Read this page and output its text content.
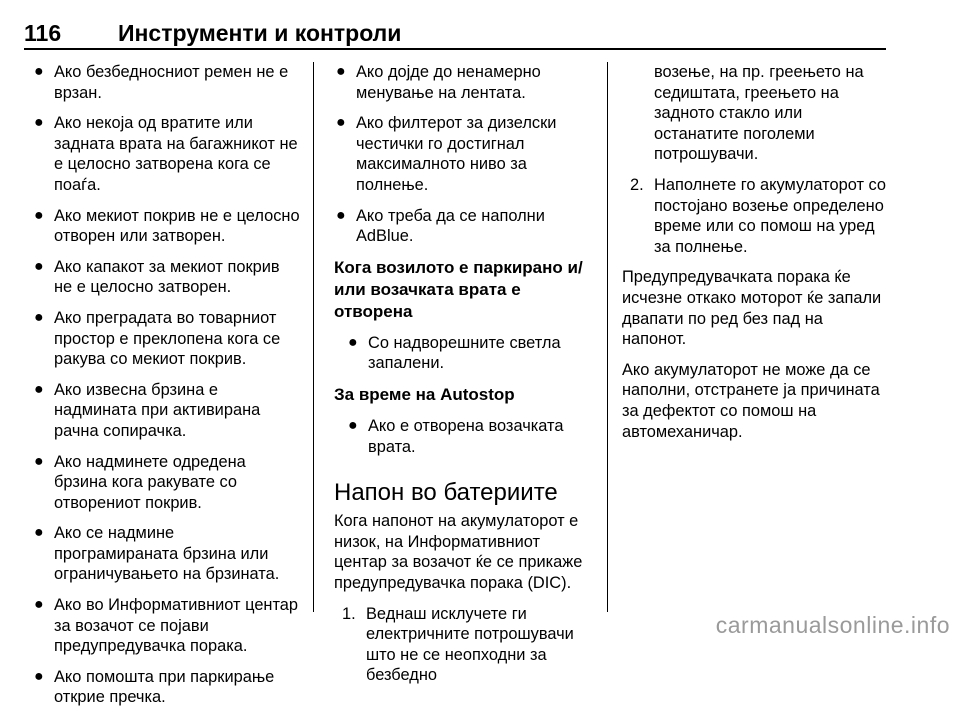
116 Инструменти и контроли
● Ако безбедносниот ремен не е врзан.
● Ако некоја од вратите или задната врата на багажникот не е целосно затворена кога се поаѓа.
● Ако мекиот покрив не е целосно отворен или затворен.
● Ако капакот за мекиот покрив не е целосно затворен.
● Ако преградата во товарниот простор е преклопена кога се ракува со мекиот покрив.
● Ако извесна брзина е надминатa при активирана рачна сопирачка.
● Ако надминете одредена брзина кога ракувате со отворениот покрив.
● Ако се надмине програмираната брзина или ограничувањето на брзината.
● Ако во Информативниот центар за возачот се појави предупредувачка порака.
● Ако помошта при паркирање открие пречка.
● Ако дојде до ненамерно менување на лентата.
● Ако филтерот за дизелски честички го достигнал максималното ниво за полнење.
● Ако треба да се наполни AdBlue.
Кога возилото е паркирано и/или возачката врата е отворена
● Со надворешните светла запалени.
За време на Autostop
● Ако е отворена возачката врата.
Напон во батериите
Кога напонот на акумулаторот е низок, на Информативниот центар за возачот ќе се прикаже предупредувачка порака (DIC).
1. Веднаш исклучете ги електричните потрошувачи што не се неопходни за безбедно
возење, на пр. греењето на седиштата, греењето на задното стакло или останатите поголеми потрошувачи.
2. Наполнете го акумулаторот со постојано возење определено време или со помош на уред за полнење.
Предупредувачката порака ќе исчезне откако моторот ќе запали двапати по ред без пад на напонот.
Ако акумулаторот не може да се наполни, отстранете ја причината за дефектот со помош на автомеханичар.
carmanualsonline.info
